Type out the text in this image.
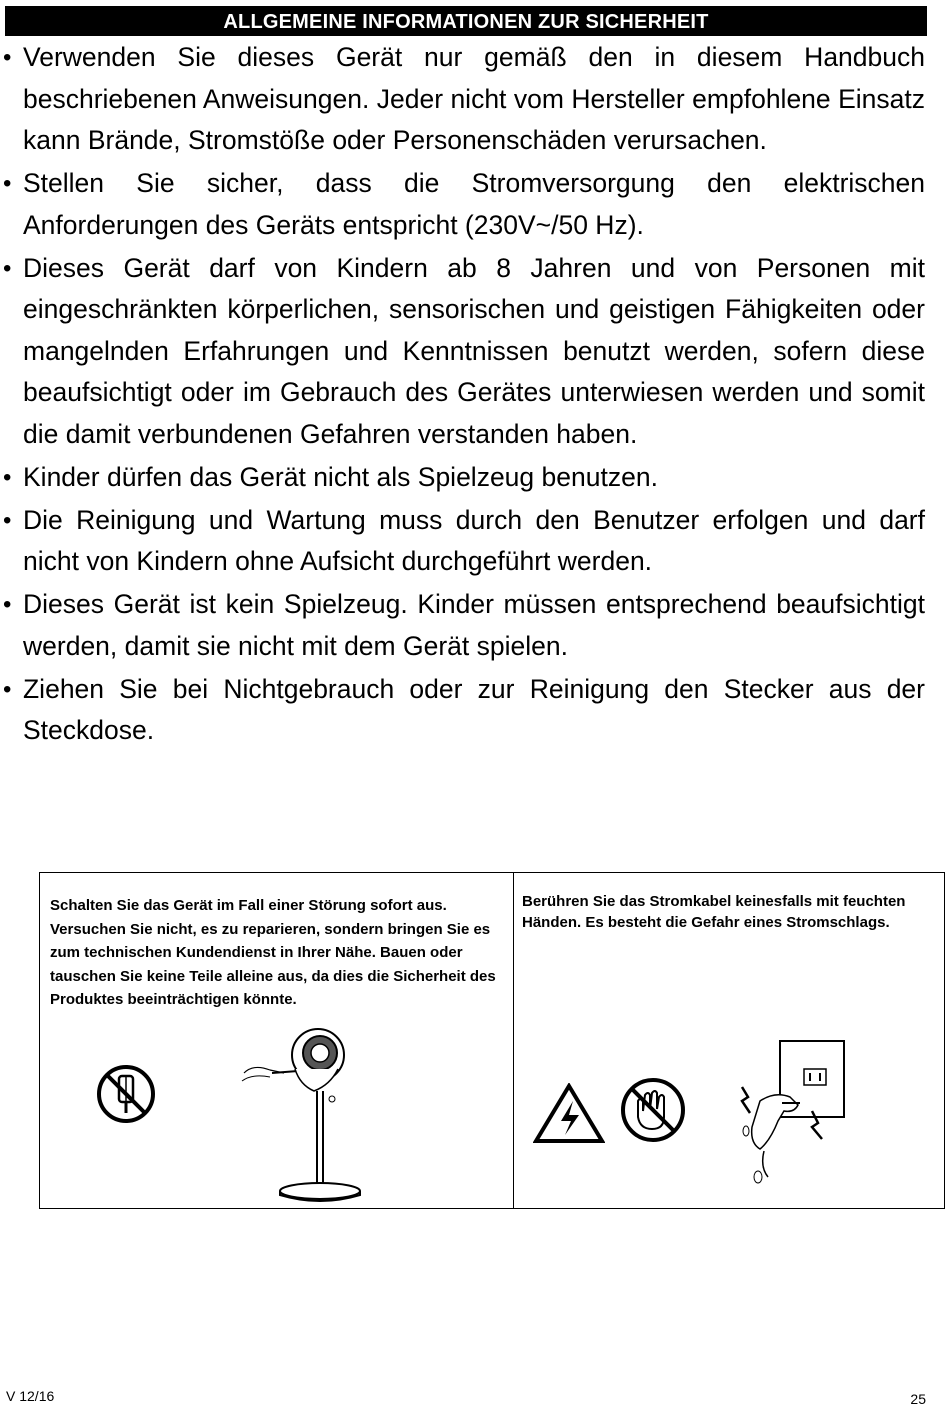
ALLGEMEINE INFORMATIONEN ZUR SICHERHEIT
• Verwenden Sie dieses Gerät nur gemäß den in diesem Handbuch beschriebenen Anweisungen. Jeder nicht vom Hersteller empfohlene Einsatz kann Brände, Stromstöße oder Personenschäden verursachen.
• Stellen Sie sicher, dass die Stromversorgung den elektrischen Anforderungen des Geräts entspricht (230V~/50 Hz).
• Dieses Gerät darf von Kindern ab 8 Jahren und von Personen mit eingeschränkten körperlichen, sensorischen und geistigen Fähigkeiten oder mangelnden Erfahrungen und Kenntnissen benutzt werden, sofern diese beaufsichtigt oder im Gebrauch des Gerätes unterwiesen werden und somit die damit verbundenen Gefahren verstanden haben.
• Kinder dürfen das Gerät nicht als Spielzeug benutzen.
• Die Reinigung und Wartung muss durch den Benutzer erfolgen und darf nicht von Kindern ohne Aufsicht durchgeführt werden.
• Dieses Gerät ist kein Spielzeug. Kinder müssen entsprechend beaufsichtigt werden, damit sie nicht mit dem Gerät spielen.
• Ziehen Sie bei Nichtgebrauch oder zur Reinigung den Stecker aus der Steckdose.
Schalten Sie das Gerät im Fall einer Störung sofort aus. Versuchen Sie nicht, es zu reparieren, sondern bringen Sie es zum technischen Kundendienst in Ihrer Nähe. Bauen oder tauschen Sie keine Teile alleine aus, da dies die Sicherheit des Produktes beeinträchtigen könnte.
Berühren Sie das Stromkabel keinesfalls mit feuchten Händen. Es besteht die Gefahr eines Stromschlags.
V 12/16	25
